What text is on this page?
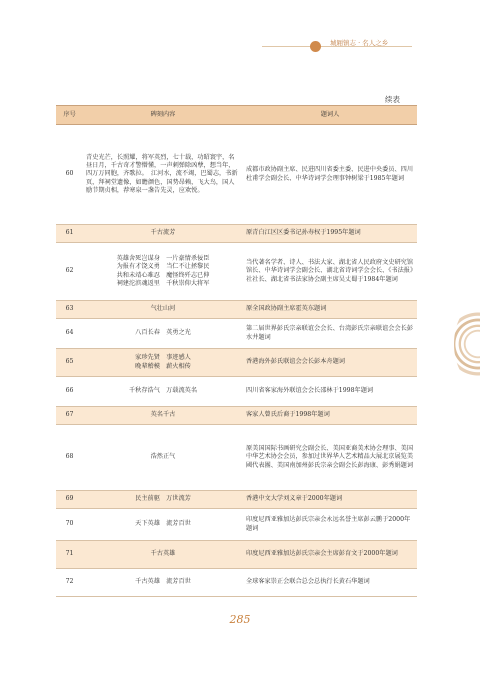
城厢镇志 · 名人之乡
续表
序号	碑刻内容	题词人
60	青史光芒，长照耀，将军英烈，七十载，功昭寰宇，名昼日月，千古奇才警懵懂，一声刺弹除凶孽，想当年，四万万同胞，齐歌拉。　江河水，流不竭，巴蜀志，书新页，拜祠堂遗像，如瞻颜色，国势昂赖，飞大鸟，国人励节期贞相，荐寒泉一盏告先灵，应欢悦。	成都市政协副主席、民进四川省委主委、民进中央委员、四川杜甫学会副会长、中华诗词学会理事钟树梁于1985年题词
61	千古流芳	原青白江区区委书记孙寿权于1995年题词
62	英雄舍死岂谋身　一片豪情杀佞臣
为报有才饶义勇　当仁不让拯黎民
共和未靖心难忍　魔怪终歼志已伸
祠建沱滨魂返里　千秋崇仰大将军	当代著名学者、诗人、书法大家、湖北省人民政府文史研究馆馆长、中华诗词学会副会长、湖北省诗词学会会长、《书法报》社社长、湖北省书法家协会副主席吴丈蜀于1984年题词
63	气壮山河	原全国政协副主席霍英东题词
64	八百长春　英勇之光	第二届世界彭氏宗亲联谊会会长、台湾彭氏宗亲联谊会会长彭水井题词
65	家珍先贤　事迹感人
晚辈稽模　薪火相传	香港海外彭氏联谊会会长彭本舟题词
66	千秋存浩气　万载流英名	四川省客家海外联谊会会长邵林于1998年题词
67	英名千古	客家人曾氏后裔于1998年题词
68	浩然正气	原美国国际书画研究会副会长、美国亚裔美术协会理事、美国中华艺术协会会员，参加过世界华人艺术精品大展北京展览美國代表團、美国南加州彭氏宗亲会副会长彭海康、彭秀娟题词
69	民主前驱　万世流芳	香港中文大学刘义章于2000年题词
70	天下英雄　流芳百世	印度尼西亚雅加达彭氏宗亲会永远名誉主席彭云鹏于2000年题词
71	千古英雄	印度尼西亚雅加达彭氏宗亲会主席彭育文于2000年题词
72	千古英雄　流芳百世	全球客家崇正会联合总会总执行长黄石华题词
285
